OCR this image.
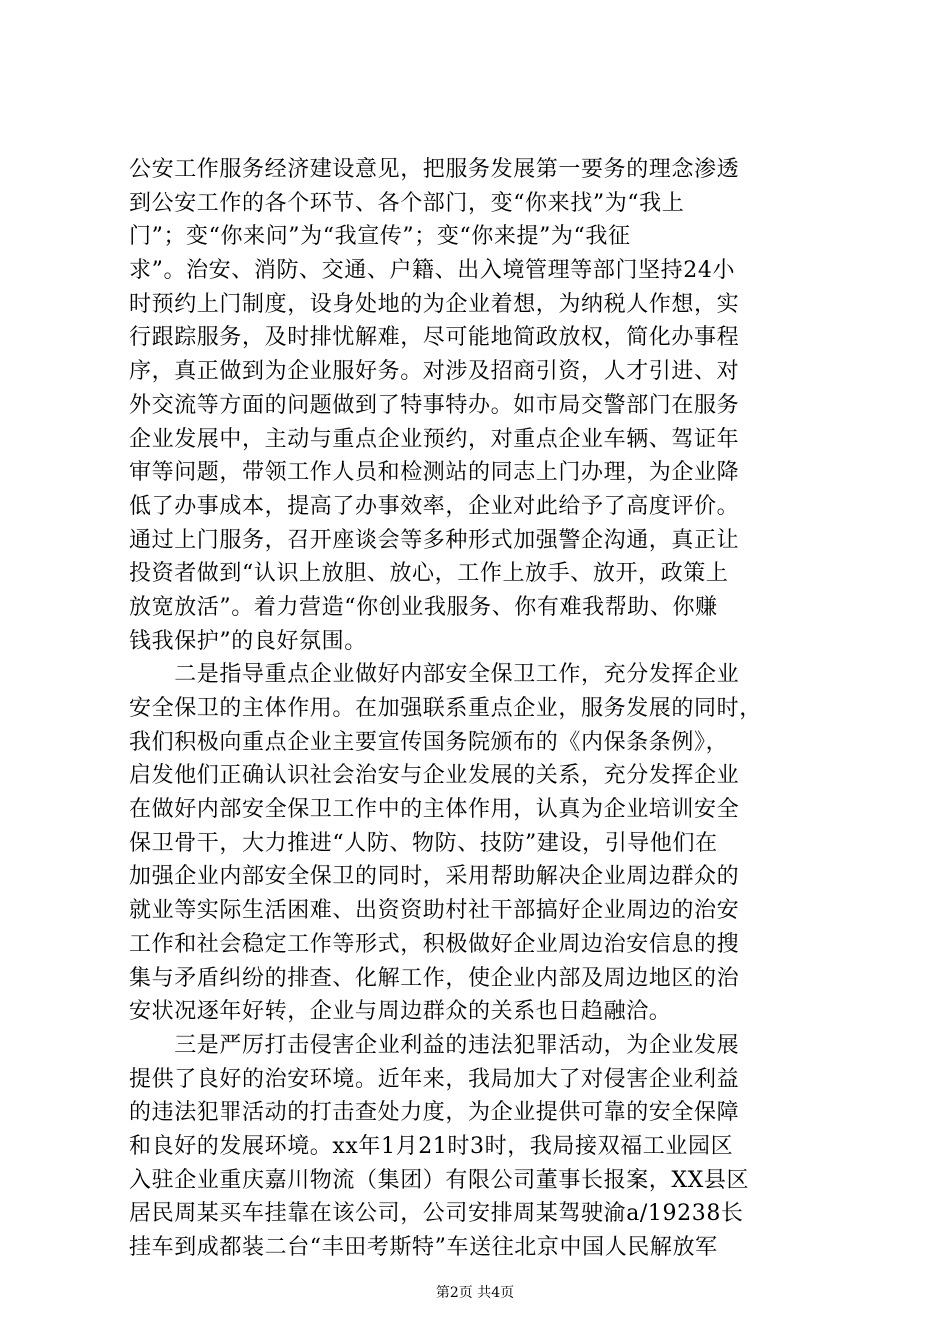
公安工作服务经济建设意见，把服务发展第一要务的理念渗透
到公安工作的各个环节、各个部门，变“你来找”为“我上
门”；变“你来问”为“我宣传”；变“你来提”为“我征
求”。治安、消防、交通、户籍、出入境管理等部门坚持24小
时预约上门制度，设身处地的为企业着想，为纳税人作想，实
行跟踪服务，及时排忧解难，尽可能地简政放权，简化办事程
序，真正做到为企业服好务。对涉及招商引资，人才引进、对
外交流等方面的问题做到了特事特办。如市局交警部门在服务
企业发展中，主动与重点企业预约，对重点企业车辆、驾证年
审等问题，带领工作人员和检测站的同志上门办理，为企业降
低了办事成本，提高了办事效率，企业对此给予了高度评价。
通过上门服务，召开座谈会等多种形式加强警企沟通，真正让
投资者做到“认识上放胆、放心，工作上放手、放开，政策上
放宽放活”。着力营造“你创业我服务、你有难我帮助、你赚
钱我保护”的良好氛围。
　　二是指导重点企业做好内部安全保卫工作，充分发挥企业
安全保卫的主体作用。在加强联系重点企业，服务发展的同时，
我们积极向重点企业主要宣传国务院颁布的《内保条条例》，
启发他们正确认识社会治安与企业发展的关系，充分发挥企业
在做好内部安全保卫工作中的主体作用，认真为企业培训安全
保卫骨干，大力推进“人防、物防、技防”建设，引导他们在
加强企业内部安全保卫的同时，采用帮助解决企业周边群众的
就业等实际生活困难、出资资助村社干部搞好企业周边的治安
工作和社会稳定工作等形式，积极做好企业周边治安信息的搜
集与矛盾纠纷的排查、化解工作，使企业内部及周边地区的治
安状况逐年好转，企业与周边群众的关系也日趋融洽。
　　三是严厉打击侵害企业利益的违法犯罪活动，为企业发展
提供了良好的治安环境。近年来，我局加大了对侵害企业利益
的违法犯罪活动的打击查处力度，为企业提供可靠的安全保障
和良好的发展环境。xx年1月21时3时，我局接双福工业园区
入驻企业重庆嘉川物流（集团）有限公司董事长报案，XX县区
居民周某买车挂靠在该公司，公司安排周某驾驶渝a/19238长
挂车到成都装二台“丰田考斯特”车送往北京中国人民解放军
第2页 共4页
